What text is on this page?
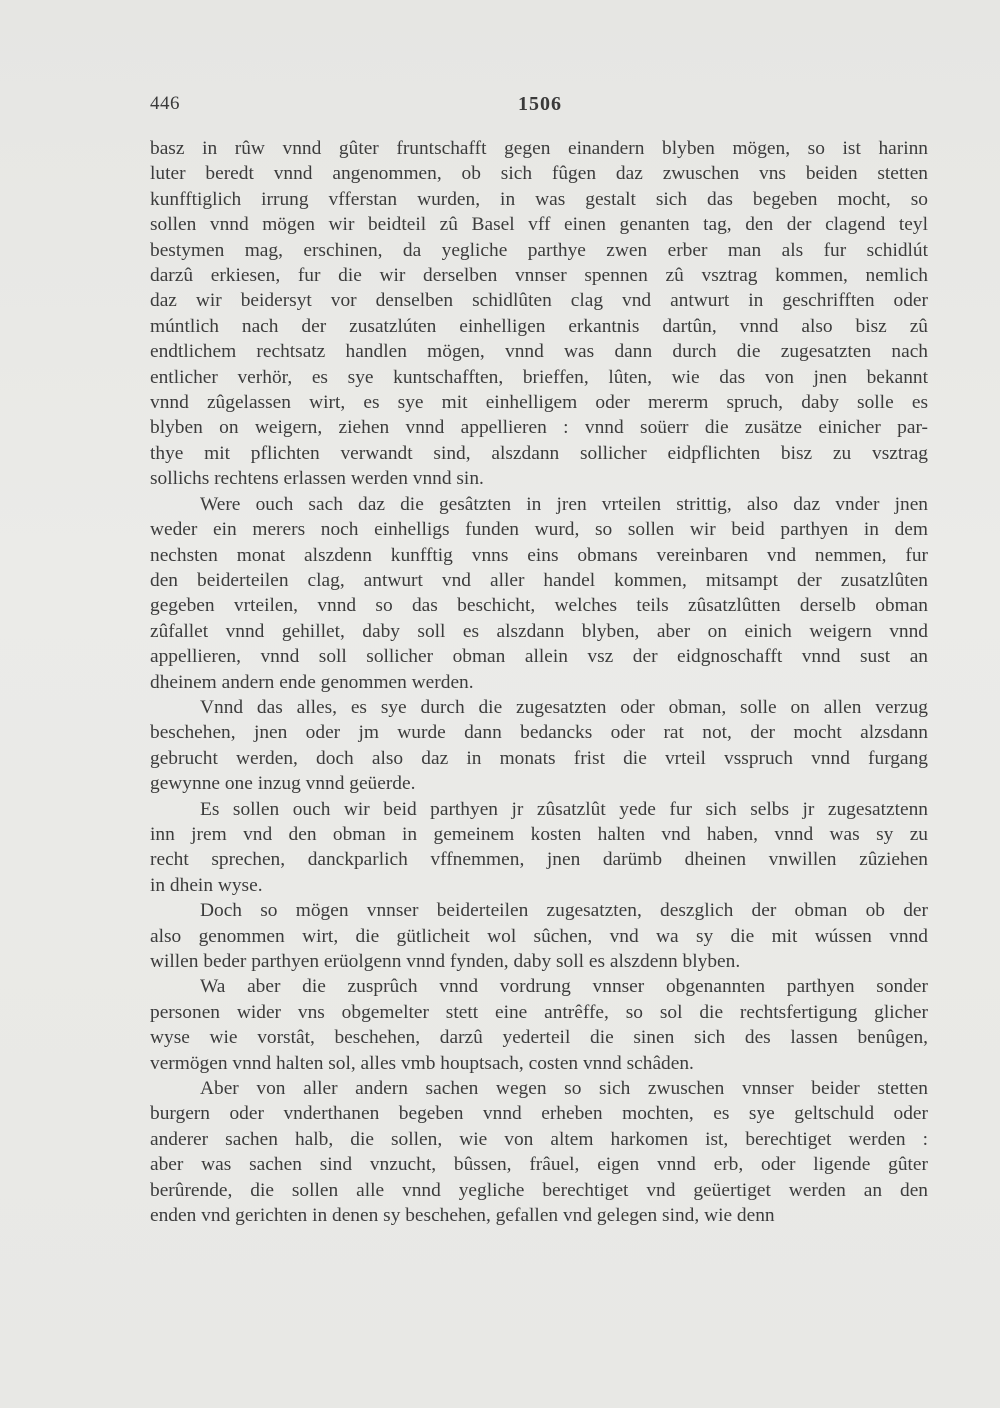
446	1506
basz in rûw vnnd gûter fruntschafft gegen einandern blyben mögen, so ist harinn
luter beredt vnnd angenommen, ob sich fûgen daz zwuschen vns beiden stetten
kunfftiglich irrung vfferstan wurden, in was gestalt sich das begeben mocht, so
sollen vnnd mögen wir beidteil zû Basel vff einen genanten tag, den der clagend teyl
bestymen mag, erschinen, da yegliche parthye zwen erber man als fur schidlút
darzû erkiesen, fur die wir derselben vnnser spennen zû vsztrag kommen, nemlich
daz wir beidersyt vor denselben schidlûten clag vnd antwurt in geschrifften oder
múntlich nach der zusatzlúten einhelligen erkantnis dartûn, vnnd also bisz zû
endtlichem rechtsatz handlen mögen, vnnd was dann durch die zugesatzten nach
entlicher verhör, es sye kuntschafften, brieffen, lûten, wie das von jnen bekannt
vnnd zûgelassen wirt, es sye mit einhelligem oder mererm spruch, daby solle es
blyben on weigern, ziehen vnnd appellieren : vnnd soüerr die zusätze einicher par-
thye mit pflichten verwandt sind, alszdann sollicher eidpflichten bisz zu vsztrag
sollichs rechtens erlassen werden vnnd sin.
Were ouch sach daz die gesâtzten in jren vrteilen strittig, also daz vnder jnen
weder ein merers noch einhelligs funden wurd, so sollen wir beid parthyen in dem
nechsten monat alszdenn kunfftig vnns eins obmans vereinbaren vnd nemmen, fur
den beiderteilen clag, antwurt vnd aller handel kommen, mitsampt der zusatzlûten
gegeben vrteilen, vnnd so das beschicht, welches teils zûsatzlûtten derselb obman
zûfallet vnnd gehillet, daby soll es alszdann blyben, aber on einich weigern vnnd
appellieren, vnnd soll sollicher obman allein vsz der eidgnoschafft vnnd sust an
dheinem andern ende genommen werden.
Vnnd das alles, es sye durch die zugesatzten oder obman, solle on allen verzug
beschehen, jnen oder jm wurde dann bedancks oder rat not, der mocht alzsdann
gebrucht werden, doch also daz in monats frist die vrteil vsspruch vnnd furgang
gewynne one inzug vnnd geüerde.
Es sollen ouch wir beid parthyen jr zûsatzlût yede fur sich selbs jr zugesatztenn
inn jrem vnd den obman in gemeinem kosten halten vnd haben, vnnd was sy zu
recht sprechen, danckparlich vffnemmen, jnen darümb dheinen vnwillen zûziehen
in dhein wyse.
Doch so mögen vnnser beiderteilen zugesatzten, deszglich der obman ob der
also genommen wirt, die gütlicheit wol sûchen, vnd wa sy die mit wússen vnnd
willen beder parthyen erüolgenn vnnd fynden, daby soll es alszdenn blyben.
Wa aber die zusprûch vnnd vordrung vnnser obgenannten parthyen sonder
personen wider vns obgemelter stett eine antrêffe, so sol die rechtsfertigung glicher
wyse wie vorstât, beschehen, darzû yederteil die sinen sich des lassen benûgen,
vermögen vnnd halten sol, alles vmb houptsach, costen vnnd schâden.
Aber von aller andern sachen wegen so sich zwuschen vnnser beider stetten
burgern oder vnderthanen begeben vnnd erheben mochten, es sye geltschuld oder
anderer sachen halb, die sollen, wie von altem harkomen ist, berechtiget werden :
aber was sachen sind vnzucht, bûssen, frâuel, eigen vnnd erb, oder ligende gûter
berûrende, die sollen alle vnnd yegliche berechtiget vnd geüertiget werden an den
enden vnd gerichten in denen sy beschehen, gefallen vnd gelegen sind, wie denn
